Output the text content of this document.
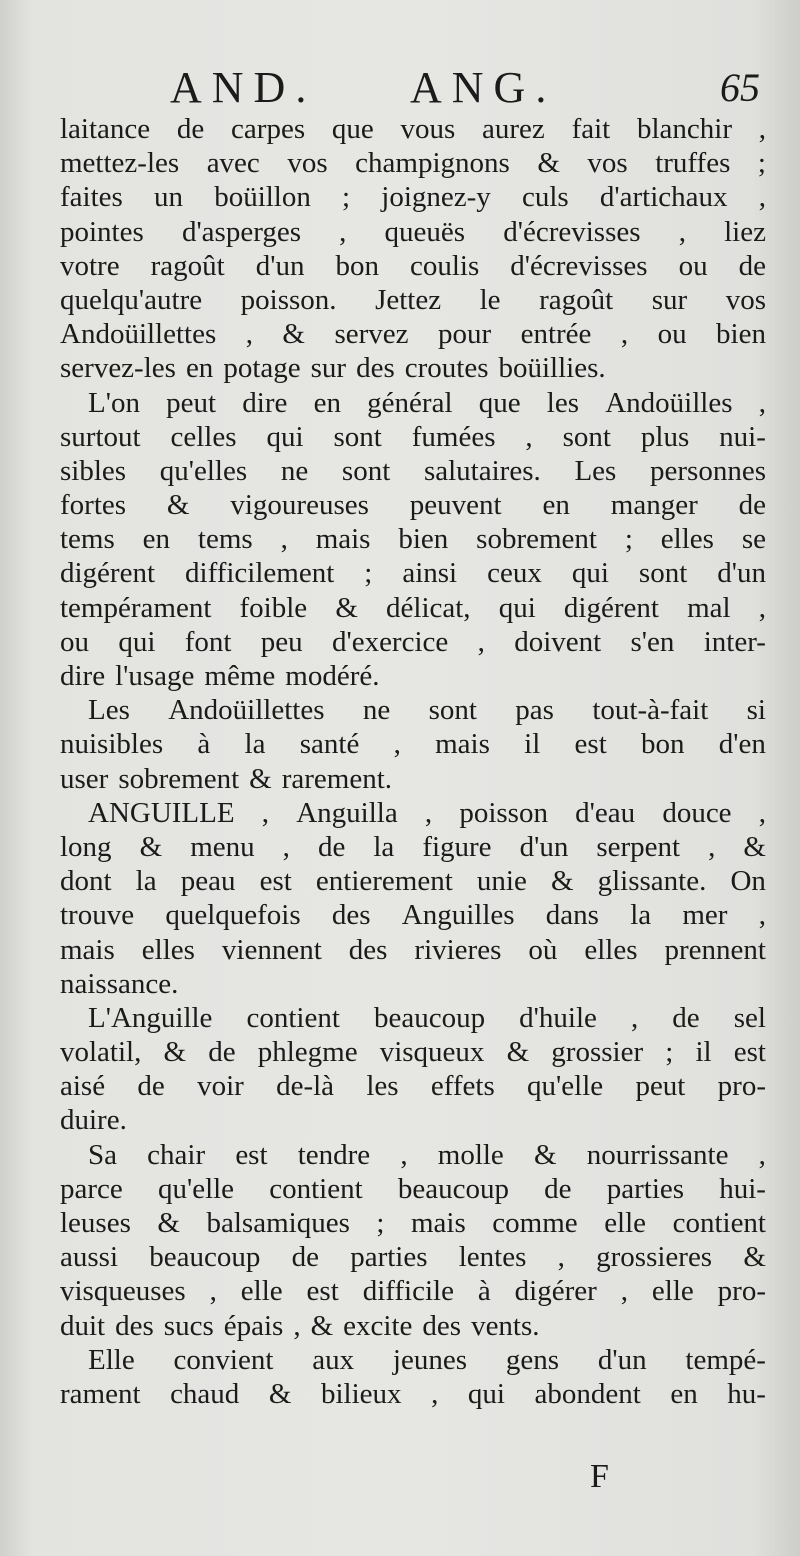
AND. ANG.	65
laitance de carpes que vous aurez fait blanchir ,
mettez-les avec vos champignons & vos truffes ;
faites un boüillon ; joignez-y culs d'artichaux ,
pointes d'asperges , queuës d'écrevisses , liez
votre ragoût d'un bon coulis d'écrevisses ou de
quelqu'autre poisson. Jettez le ragoût sur vos
Andoüillettes , & servez pour entrée , ou bien
servez-les en potage sur des croutes boüillies.
L'on peut dire en général que les Andoüilles ,
surtout celles qui sont fumées , sont plus nui-
sibles qu'elles ne sont salutaires. Les personnes
fortes & vigoureuses peuvent en manger de
tems en tems , mais bien sobrement ; elles se
digérent difficilement ; ainsi ceux qui sont d'un
tempérament foible & délicat, qui digérent mal ,
ou qui font peu d'exercice , doivent s'en inter-
dire l'usage même modéré.
Les Andoüillettes ne sont pas tout-à-fait si
nuisibles à la santé , mais il est bon d'en
user sobrement & rarement.
ANGUILLE , Anguilla , poisson d'eau douce ,
long & menu , de la figure d'un serpent , &
dont la peau est entierement unie & glissante. On
trouve quelquefois des Anguilles dans la mer ,
mais elles viennent des rivieres où elles prennent
naissance.
L'Anguille contient beaucoup d'huile , de sel
volatil, & de phlegme visqueux & grossier ; il est
aisé de voir de-là les effets qu'elle peut pro-
duire.
Sa chair est tendre , molle & nourrissante ,
parce qu'elle contient beaucoup de parties hui-
leuses & balsamiques ; mais comme elle contient
aussi beaucoup de parties lentes , grossieres &
visqueuses , elle est difficile à digérer , elle pro-
duit des sucs épais , & excite des vents.
Elle convient aux jeunes gens d'un tempé-
rament chaud & bilieux , qui abondent en hu-
F
